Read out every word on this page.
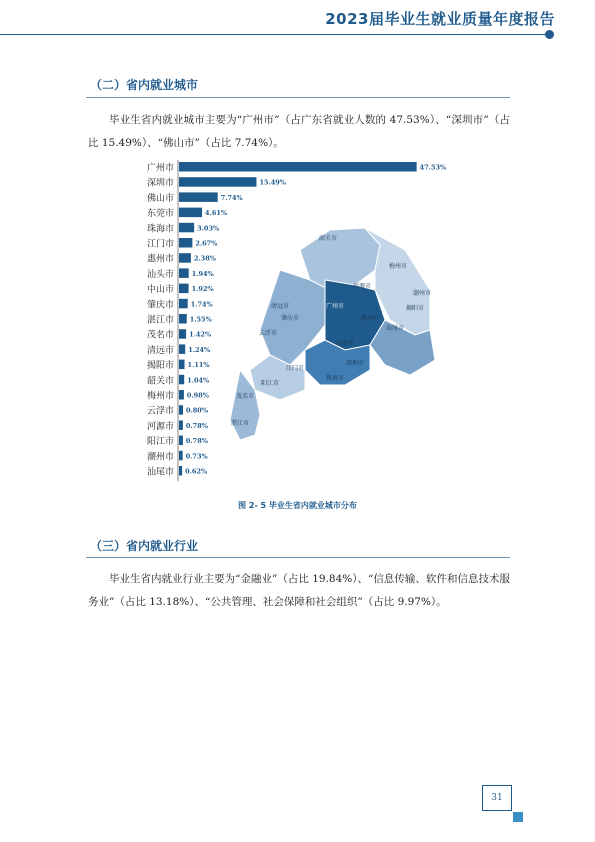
2023届毕业生就业质量年度报告
（二）省内就业城市
毕业生省内就业城市主要为“广州市”（占广东省就业人数的 47.53%）、“深圳市”（占比 15.49%）、“佛山市”（占比 7.74%）。
广州市	47.53%
深圳市	15.49%
佛山市	7.74%
东莞市	4.61%
珠海市	3.03%
江门市	2.67%
惠州市	2.38%
汕头市	1.94%
中山市	1.92%
肇庆市	1.74%
湛江市 1.55%
茂名市 1.42%
清远市 1.24%
揭阳市 1.11%
韶关市 1.04%
梅州市 0.98%
云浮市 0.80%
河源市 0.78%
阳江市 0.78%
潮州市 0.73%
汕尾市 0.62%
韶关市
梅州市
清远市
河源市
潮州市
揭阳市
肇庆市
广州市
惠州市
汕尾市
江门市
深圳市
云浮市
东莞市
珠海市
阳江市
茂名市
湛江市
图 2- 5 毕业生省内就业城市分布
（三）省内就业行业
毕业生省内就业行业主要为“金融业”（占比 19.84%）、“信息传输、软件和信息技术服务业”（占比 13.18%）、“公共管理、社会保障和社会组织”（占比 9.97%）。
31
